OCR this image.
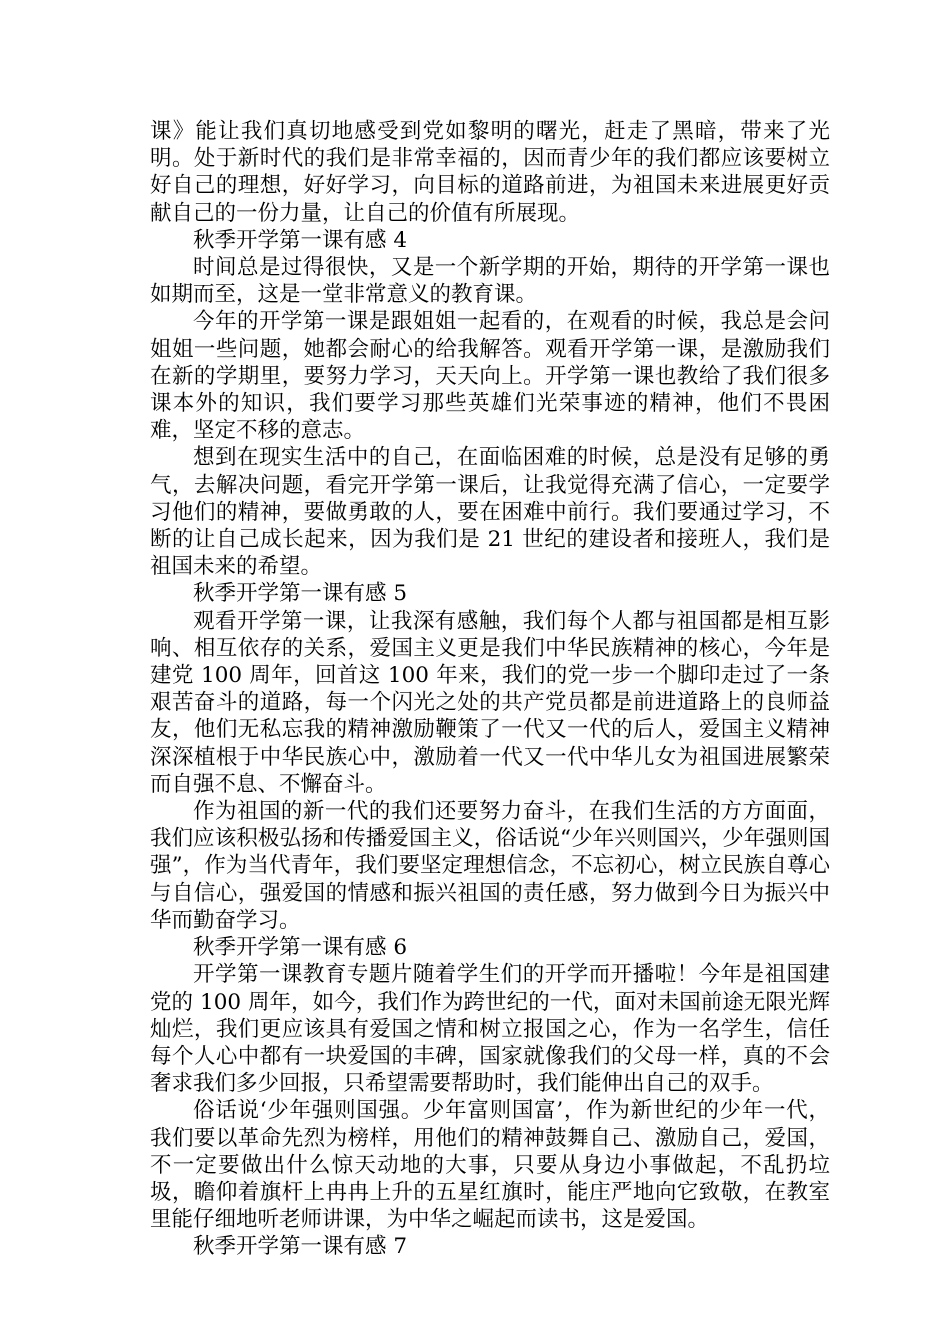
课》能让我们真切地感受到党如黎明的曙光，赶走了黑暗，带来了光明。处于新时代的我们是非常幸福的，因而青少年的我们都应该要树立好自己的理想，好好学习，向目标的道路前进，为祖国未来进展更好贡献自己的一份力量，让自己的价值有所展现。

秋季开学第一课有感 4

时间总是过得很快，又是一个新学期的开始，期待的开学第一课也如期而至，这是一堂非常意义的教育课。

今年的开学第一课是跟姐姐一起看的，在观看的时候，我总是会问姐姐一些问题，她都会耐心的给我解答。观看开学第一课，是激励我们在新的学期里，要努力学习，天天向上。开学第一课也教给了我们很多课本外的知识，我们要学习那些英雄们光荣事迹的精神，他们不畏困难，坚定不移的意志。

想到在现实生活中的自己，在面临困难的时候，总是没有足够的勇气，去解决问题，看完开学第一课后，让我觉得充满了信心，一定要学习他们的精神，要做勇敢的人，要在困难中前行。我们要通过学习，不断的让自己成长起来，因为我们是 21 世纪的建设者和接班人，我们是祖国未来的希望。

秋季开学第一课有感 5

观看开学第一课，让我深有感触，我们每个人都与祖国都是相互影响、相互依存的关系，爱国主义更是我们中华民族精神的核心，今年是建党 100 周年，回首这 100 年来，我们的党一步一个脚印走过了一条艰苦奋斗的道路，每一个闪光之处的共产党员都是前进道路上的良师益友，他们无私忘我的精神激励鞭策了一代又一代的后人，爱国主义精神深深植根于中华民族心中，激励着一代又一代中华儿女为祖国进展繁荣而自强不息、不懈奋斗。

作为祖国的新一代的我们还要努力奋斗，在我们生活的方方面面，我们应该积极弘扬和传播爱国主义，俗话说“少年兴则国兴，少年强则国强”，作为当代青年，我们要坚定理想信念，不忘初心，树立民族自尊心与自信心，强爱国的情感和振兴祖国的责任感，努力做到今日为振兴中华而勤奋学习。

秋季开学第一课有感 6

开学第一课教育专题片随着学生们的开学而开播啦！今年是祖国建党的 100 周年，如今，我们作为跨世纪的一代，面对未国前途无限光辉灿烂，我们更应该具有爱国之情和树立报国之心，作为一名学生，信任每个人心中都有一块爱国的丰碑，国家就像我们的父母一样，真的不会奢求我们多少回报，只希望需要帮助时，我们能伸出自己的双手。

俗话说‘少年强则国强。少年富则国富’，作为新世纪的少年一代，我们要以革命先烈为榜样，用他们的精神鼓舞自己、激励自己，爱国，不一定要做出什么惊天动地的大事，只要从身边小事做起，不乱扔垃圾，瞻仰着旗杆上冉冉上升的五星红旗时，能庄严地向它致敬，在教室里能仔细地听老师讲课，为中华之崛起而读书，这是爱国。

秋季开学第一课有感 7
